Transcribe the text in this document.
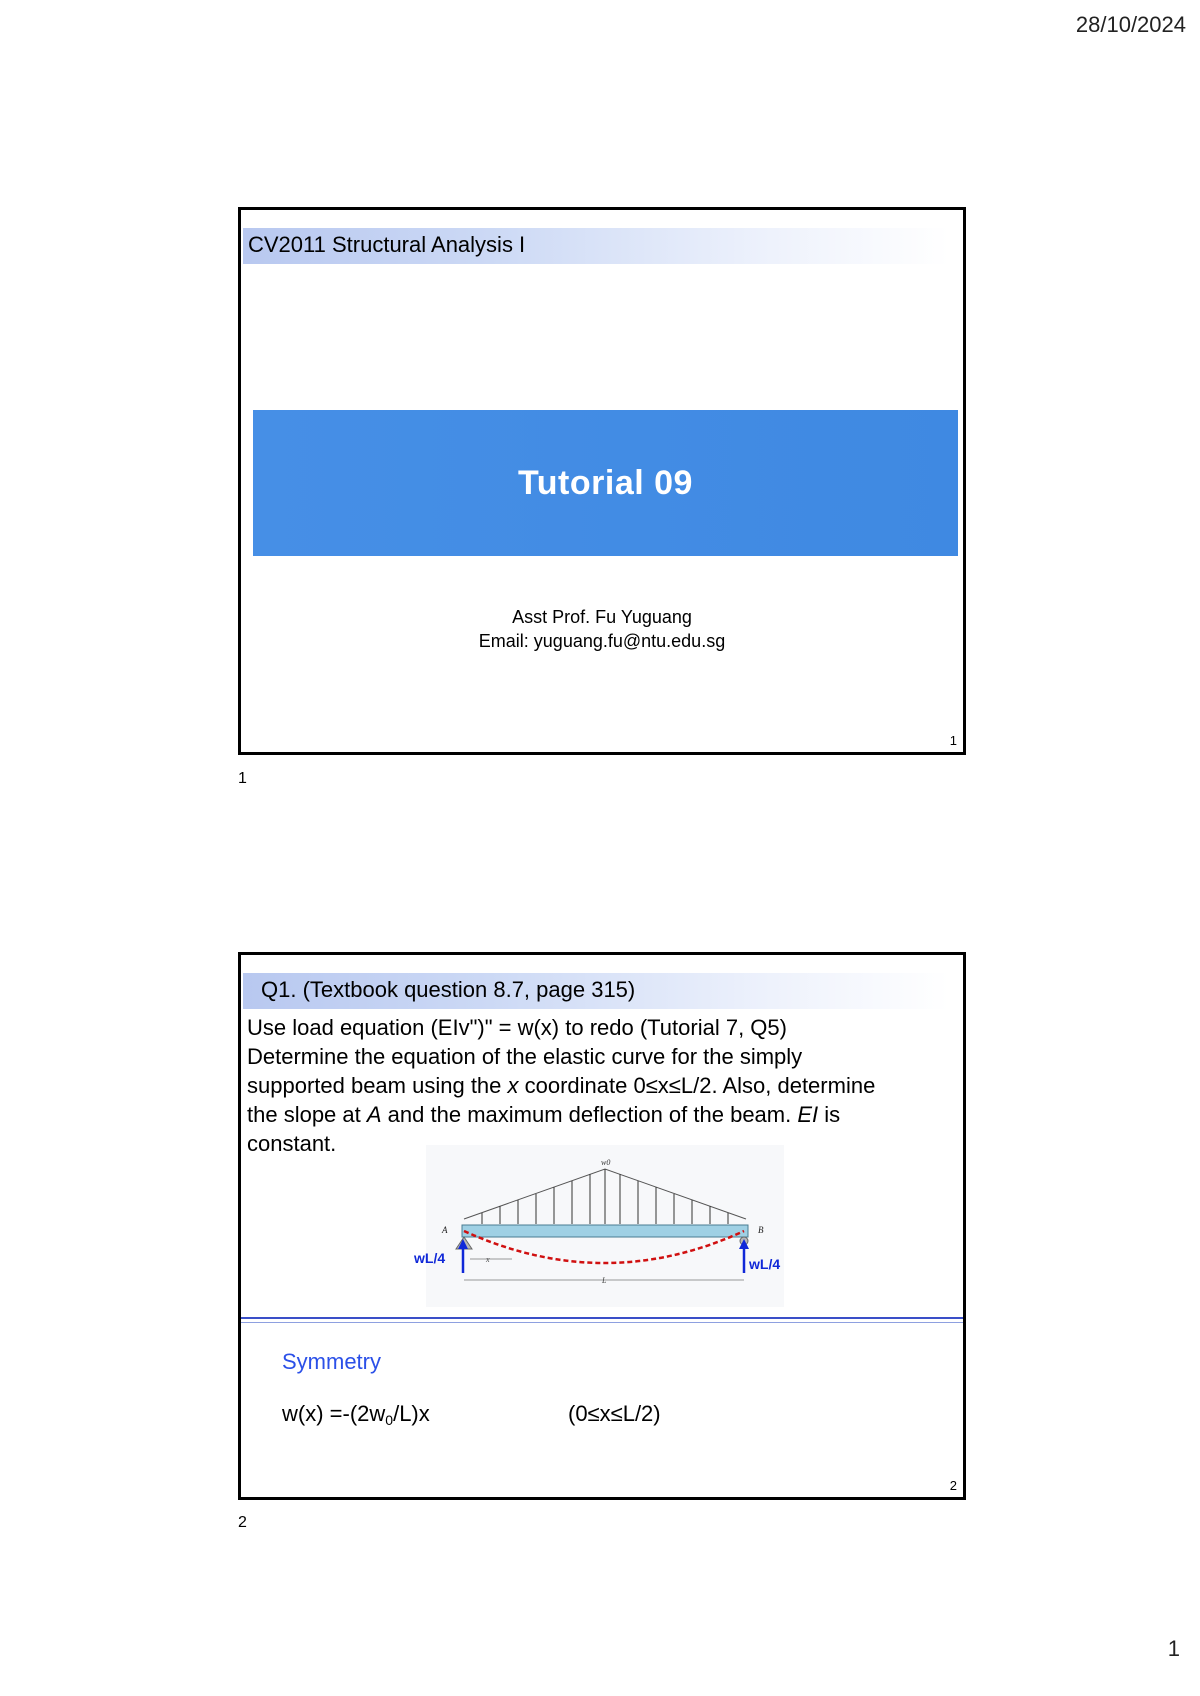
28/10/2024
CV2011 Structural Analysis I
Tutorial 09
Asst Prof. Fu Yuguang
Email: yuguang.fu@ntu.edu.sg
1
1
Q1. (Textbook question 8.7, page 315)
Use load equation (EIv")" = w(x) to redo (Tutorial 7, Q5)
Determine the equation of the elastic curve for the simply
supported beam using the x coordinate 0≤x≤L/2. Also, determine
the slope at A and the maximum deflection of the beam. EI is
constant.
w0
A	B
wL/4	wL/4
x
L
Symmetry
$w(x) =-(2w_0/L)x$	(0≤x≤L/2)
2
2
1
